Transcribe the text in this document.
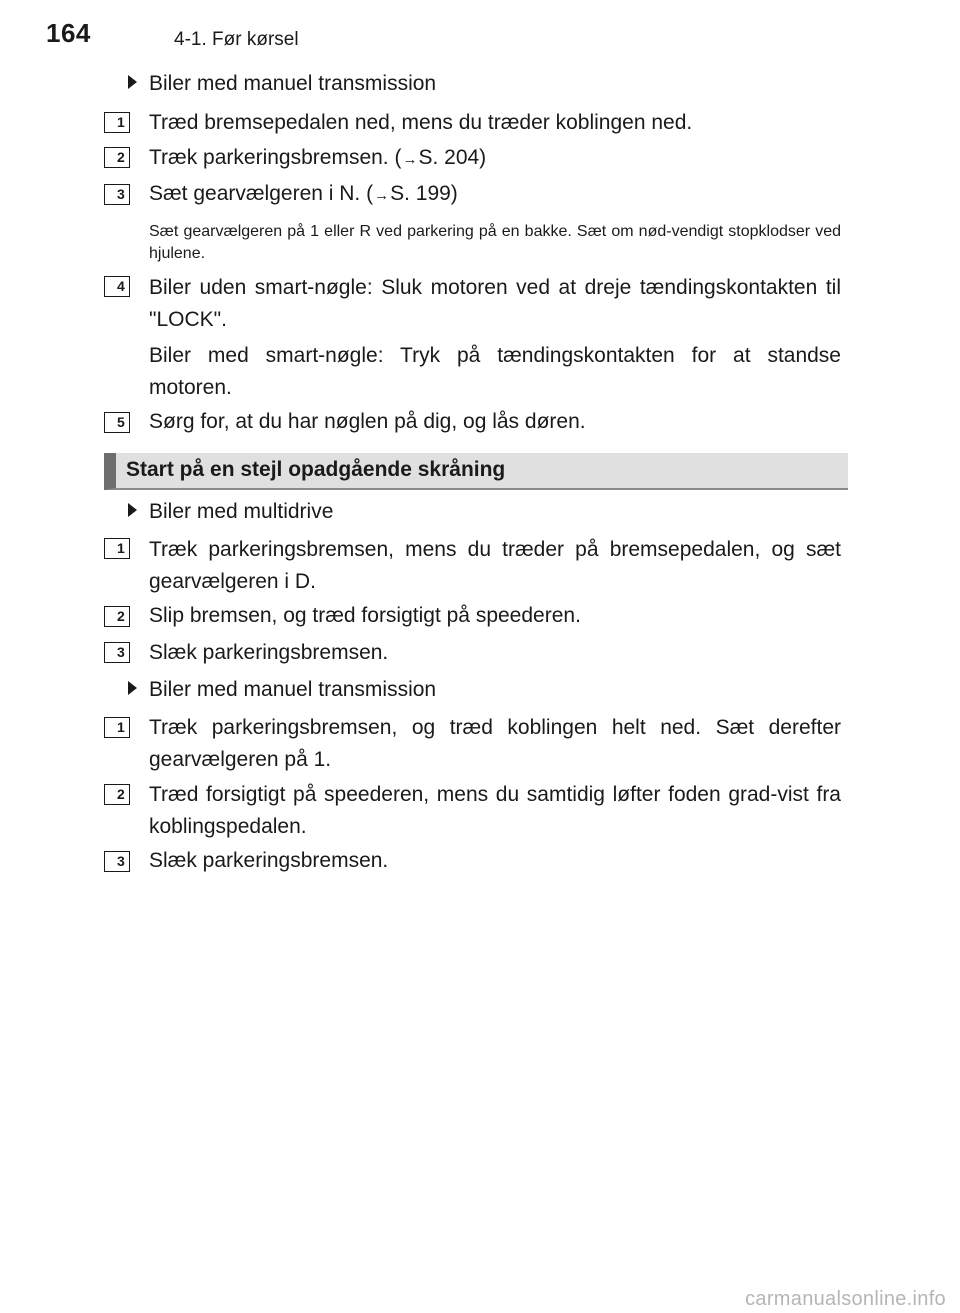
164	4-1. Før kørsel
Biler med manuel transmission
1 Træd bremsepedalen ned, mens du træder koblingen ned.
2 Træk parkeringsbremsen. (→S. 204)
3 Sæt gearvælgeren i N. (→S. 199)
Sæt gearvælgeren på 1 eller R ved parkering på en bakke. Sæt om nød-vendigt stopklodser ved hjulene.
4 Biler uden smart-nøgle: Sluk motoren ved at dreje tændingskontakten til "LOCK".
Biler med smart-nøgle: Tryk på tændingskontakten for at standse motoren.
5 Sørg for, at du har nøglen på dig, og lås døren.
Start på en stejl opadgående skråning
Biler med multidrive
1 Træk parkeringsbremsen, mens du træder på bremsepedalen, og sæt gearvælgeren i D.
2 Slip bremsen, og træd forsigtigt på speederen.
3 Slæk parkeringsbremsen.
Biler med manuel transmission
1 Træk parkeringsbremsen, og træd koblingen helt ned. Sæt derefter gearvælgeren på 1.
2 Træd forsigtigt på speederen, mens du samtidig løfter foden grad-vist fra koblingspedalen.
3 Slæk parkeringsbremsen.
carmanualsonline.info
